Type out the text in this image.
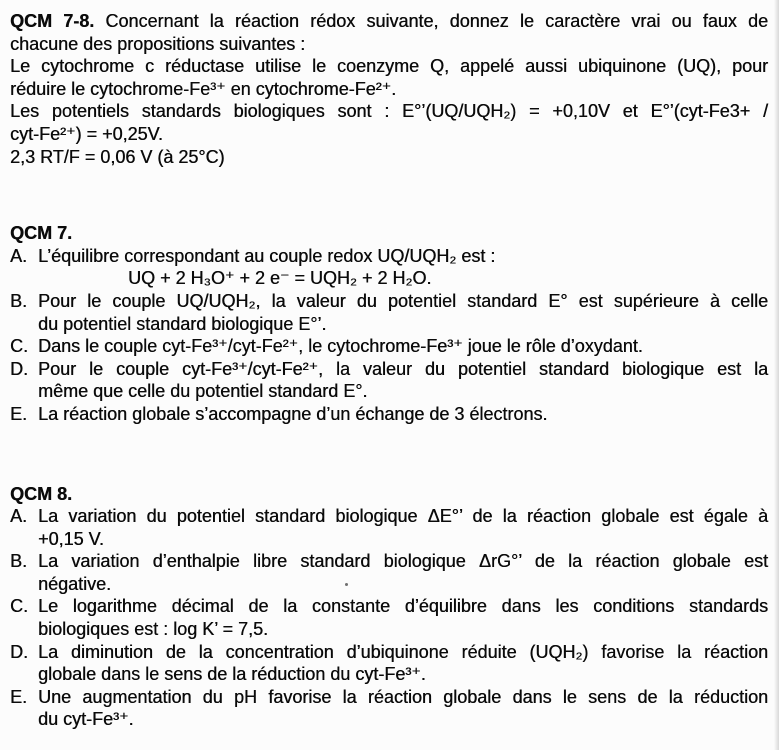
QCM 7-8. Concernant la réaction rédox suivante, donnez le caractère vrai ou faux de
chacune des propositions suivantes :
Le cytochrome c réductase utilise le coenzyme Q, appelé aussi ubiquinone (UQ), pour
réduire le cytochrome-Fe³⁺ en cytochrome-Fe²⁺.
Les potentiels standards biologiques sont : E°’(UQ/UQH₂) = +0,10V et E°’(cyt-Fe3+ /
cyt-Fe²⁺) = +0,25V.
2,3 RT/F = 0,06 V (à 25°C)
QCM 7.
A. L’équilibre correspondant au couple redox UQ/UQH₂ est :
UQ + 2 H₃O⁺ + 2 e⁻ = UQH₂ + 2 H₂O.
B. Pour le couple UQ/UQH₂, la valeur du potentiel standard E° est supérieure à celle
du potentiel standard biologique E°’.
C. Dans le couple cyt-Fe³⁺/cyt-Fe²⁺, le cytochrome-Fe³⁺ joue le rôle d’oxydant.
D. Pour le couple cyt-Fe³⁺/cyt-Fe²⁺, la valeur du potentiel standard biologique est la
même que celle du potentiel standard E°.
E. La réaction globale s’accompagne d’un échange de 3 électrons.
QCM 8.
A. La variation du potentiel standard biologique ΔE°’ de la réaction globale est égale à
+0,15 V.
B. La variation d’enthalpie libre standard biologique ΔrG°’ de la réaction globale est
négative.
C. Le logarithme décimal de la constante d’équilibre dans les conditions standards
biologiques est : log K’ = 7,5.
D. La diminution de la concentration d’ubiquinone réduite (UQH₂) favorise la réaction
globale dans le sens de la réduction du cyt-Fe³⁺.
E. Une augmentation du pH favorise la réaction globale dans le sens de la réduction
du cyt-Fe³⁺.
